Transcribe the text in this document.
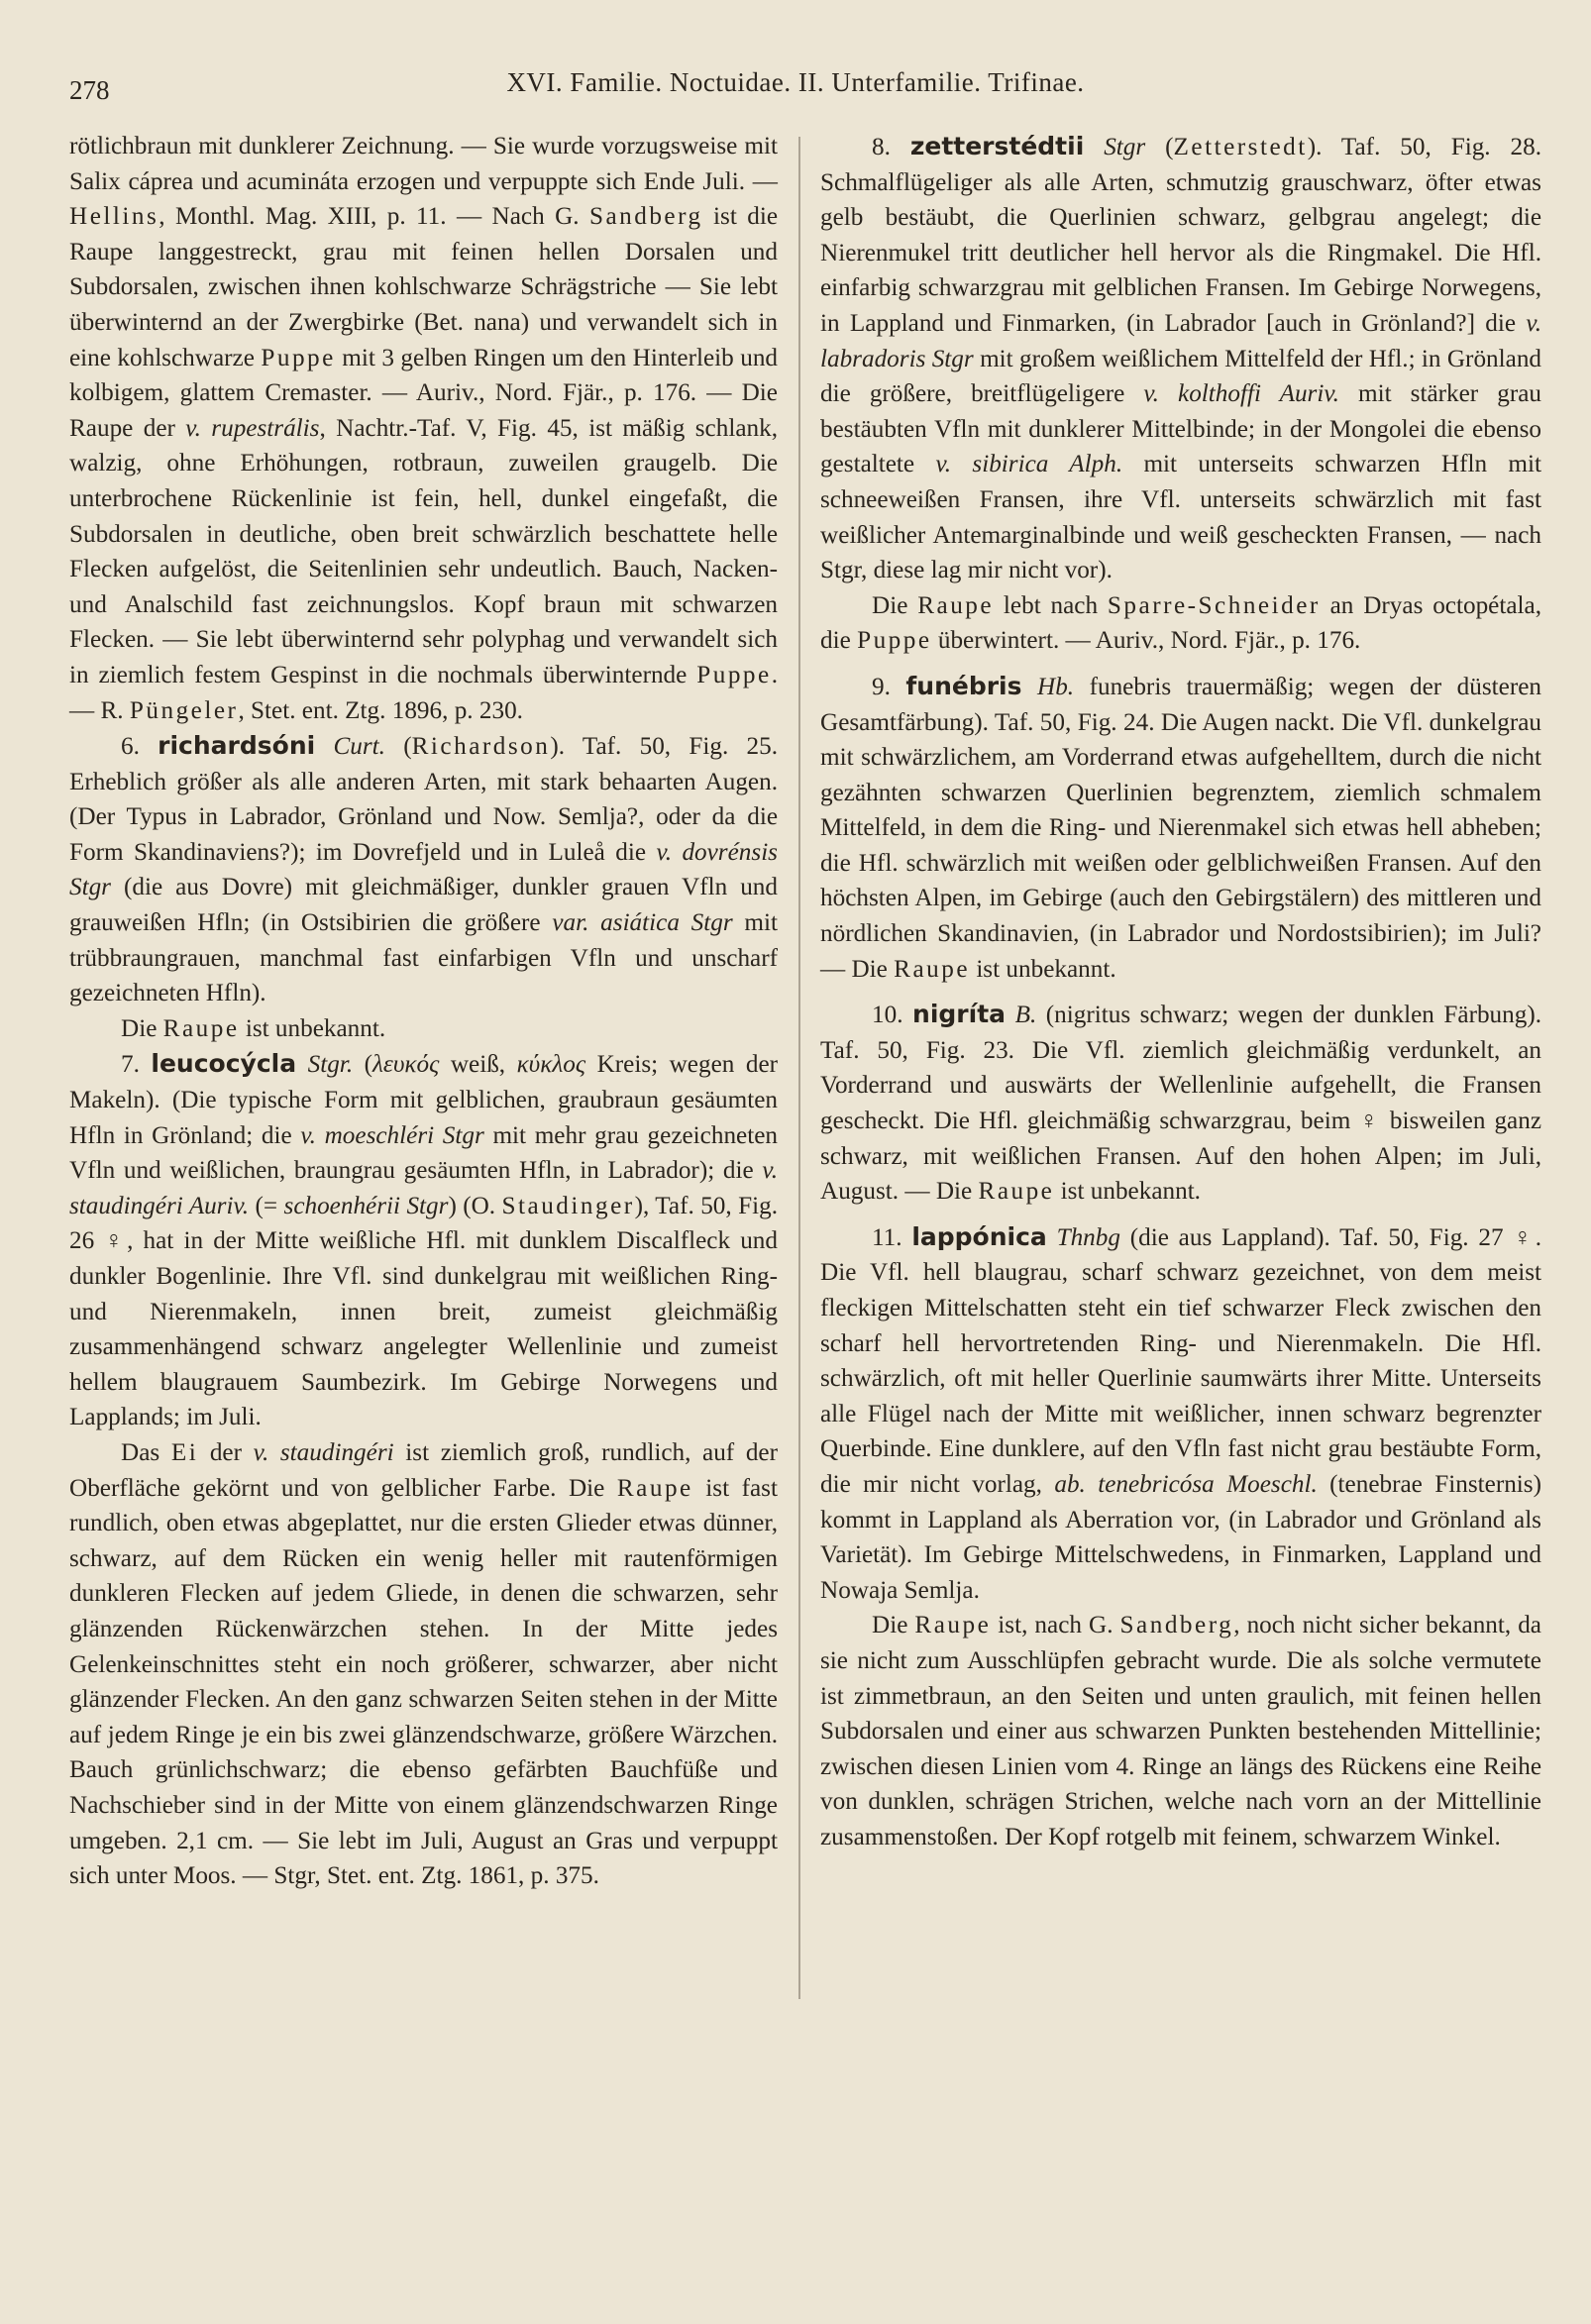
278	XVI. Familie. Noctuidae. II. Unterfamilie. Trifinae.

rötlichbraun mit dunklerer Zeichnung. — Sie wurde vorzugsweise mit Salix cáprea und acumináta erzogen und verpuppte sich Ende Juli. — Hellins, Monthl. Mag. XIII, p. 11. — Nach G. Sandberg ist die Raupe langgestreckt, grau mit feinen hellen Dorsalen und Subdorsalen, zwischen ihnen kohlschwarze Schrägstriche — Sie lebt überwinternd an der Zwergbirke (Bet. nana) und verwandelt sich in eine kohlschwarze Puppe mit 3 gelben Ringen um den Hinterleib und kolbigem, glattem Cremaster. — Auriv., Nord. Fjär., p. 176. — Die Raupe der v. rupestrális, Nachtr.-Taf. V, Fig. 45, ist mäßig schlank, walzig, ohne Erhöhungen, rotbraun, zuweilen graugelb. Die unterbrochene Rückenlinie ist fein, hell, dunkel eingefaßt, die Subdorsalen in deutliche, oben breit schwärzlich beschattete helle Flecken aufgelöst, die Seitenlinien sehr undeutlich. Bauch, Nacken- und Analschild fast zeichnungslos. Kopf braun mit schwarzen Flecken. — Sie lebt überwinternd sehr polyphag und verwandelt sich in ziemlich festem Gespinst in die nochmals überwinternde Puppe. — R. Püngeler, Stet. ent. Ztg. 1896, p. 230.

6. richardsóni Curt. (Richardson). Taf. 50, Fig. 25. Erheblich größer als alle anderen Arten, mit stark behaarten Augen. (Der Typus in Labrador, Grönland und Now. Semlja?, oder da die Form Skandinaviens?); im Dovrefjeld und in Luleå die v. dovrénsis Stgr (die aus Dovre) mit gleichmäßiger, dunkler grauen Vfln und grauweißen Hfln; (in Ostsibirien die größere var. asiática Stgr mit trübbraungrauen, manchmal fast einfarbigen Vfln und unscharf gezeichneten Hfln).

Die Raupe ist unbekannt.

7. leucocýcla Stgr. (λευκός weiß, κύκλος Kreis; wegen der Makeln). (Die typische Form mit gelblichen, graubraun gesäumten Hfln in Grönland; die v. moeschléri Stgr mit mehr grau gezeichneten Vfln und weißlichen, braungrau gesäumten Hfln, in Labrador); die v. staudingéri Auriv. (= schoenhérii Stgr) (O. Staudinger), Taf. 50, Fig. 26 ♀, hat in der Mitte weißliche Hfl. mit dunklem Discalfleck und dunkler Bogenlinie. Ihre Vfl. sind dunkelgrau mit weißlichen Ring- und Nierenmakeln, innen breit, zumeist gleichmäßig zusammenhängend schwarz angelegter Wellenlinie und zumeist hellem blaugrauem Saumbezirk. Im Gebirge Norwegens und Lapplands; im Juli.

Das Ei der v. staudingéri ist ziemlich groß, rundlich, auf der Oberfläche gekörnt und von gelblicher Farbe. Die Raupe ist fast rundlich, oben etwas abgeplattet, nur die ersten Glieder etwas dünner, schwarz, auf dem Rücken ein wenig heller mit rautenförmigen dunkleren Flecken auf jedem Gliede, in denen die schwarzen, sehr glänzenden Rückenwärzchen stehen. In der Mitte jedes Gelenkeinschnittes steht ein noch größerer, schwarzer, aber nicht glänzender Flecken. An den ganz schwarzen Seiten stehen in der Mitte auf jedem Ringe je ein bis zwei glänzendschwarze, größere Wärzchen. Bauch grünlichschwarz; die ebenso gefärbten Bauchfüße und Nachschieber sind in der Mitte von einem glänzendschwarzen Ringe umgeben. 2,1 cm. — Sie lebt im Juli, August an Gras und verpuppt sich unter Moos. — Stgr, Stet. ent. Ztg. 1861, p. 375.

8. zetterstédtii Stgr (Zetterstedt). Taf. 50, Fig. 28. Schmalflügeliger als alle Arten, schmutzig grauschwarz, öfter etwas gelb bestäubt, die Querlinien schwarz, gelbgrau angelegt; die Nierenmukel tritt deutlicher hell hervor als die Ringmakel. Die Hfl. einfarbig schwarzgrau mit gelblichen Fransen. Im Gebirge Norwegens, in Lappland und Finmarken, (in Labrador [auch in Grönland?] die v. labradoris Stgr mit großem weißlichem Mittelfeld der Hfl.; in Grönland die größere, breitflügeligere v. kolthoffi Auriv. mit stärker grau bestäubten Vfln mit dunklerer Mittelbinde; in der Mongolei die ebenso gestaltete v. sibirica Alph. mit unterseits schwarzen Hfln mit schneeweißen Fransen, ihre Vfl. unterseits schwärzlich mit fast weißlicher Antemarginalbinde und weiß gescheckten Fransen, — nach Stgr, diese lag mir nicht vor).

Die Raupe lebt nach Sparre-Schneider an Dryas octopétala, die Puppe überwintert. — Auriv., Nord. Fjär., p. 176.

9. funébris Hb. funebris trauermäßig; wegen der düsteren Gesamtfärbung). Taf. 50, Fig. 24. Die Augen nackt. Die Vfl. dunkelgrau mit schwärzlichem, am Vorderrand etwas aufgehelltem, durch die nicht gezähnten schwarzen Querlinien begrenztem, ziemlich schmalem Mittelfeld, in dem die Ring- und Nierenmakel sich etwas hell abheben; die Hfl. schwärzlich mit weißen oder gelblichweißen Fransen. Auf den höchsten Alpen, im Gebirge (auch den Gebirgstälern) des mittleren und nördlichen Skandinavien, (in Labrador und Nordostsibirien); im Juli? — Die Raupe ist unbekannt.

10. nigríta B. (nigritus schwarz; wegen der dunklen Färbung). Taf. 50, Fig. 23. Die Vfl. ziemlich gleichmäßig verdunkelt, an Vorderrand und auswärts der Wellenlinie aufgehellt, die Fransen gescheckt. Die Hfl. gleichmäßig schwarzgrau, beim ♀ bisweilen ganz schwarz, mit weißlichen Fransen. Auf den hohen Alpen; im Juli, August. — Die Raupe ist unbekannt.

11. lappónica Thnbg (die aus Lappland). Taf. 50, Fig. 27 ♀. Die Vfl. hell blaugrau, scharf schwarz gezeichnet, von dem meist fleckigen Mittelschatten steht ein tief schwarzer Fleck zwischen den scharf hell hervortretenden Ring- und Nierenmakeln. Die Hfl. schwärzlich, oft mit heller Querlinie saumwärts ihrer Mitte. Unterseits alle Flügel nach der Mitte mit weißlicher, innen schwarz begrenzter Querbinde. Eine dunklere, auf den Vfln fast nicht grau bestäubte Form, die mir nicht vorlag, ab. tenebricósa Moeschl. (tenebrae Finsternis) kommt in Lappland als Aberration vor, (in Labrador und Grönland als Varietät). Im Gebirge Mittelschwedens, in Finmarken, Lappland und Nowaja Semlja.

Die Raupe ist, nach G. Sandberg, noch nicht sicher bekannt, da sie nicht zum Ausschlüpfen gebracht wurde. Die als solche vermutete ist zimmetbraun, an den Seiten und unten graulich, mit feinen hellen Subdorsalen und einer aus schwarzen Punkten bestehenden Mittellinie; zwischen diesen Linien vom 4. Ringe an längs des Rückens eine Reihe von dunklen, schrägen Strichen, welche nach vorn an der Mittellinie zusammenstoßen. Der Kopf rotgelb mit feinem, schwarzem Winkel.
